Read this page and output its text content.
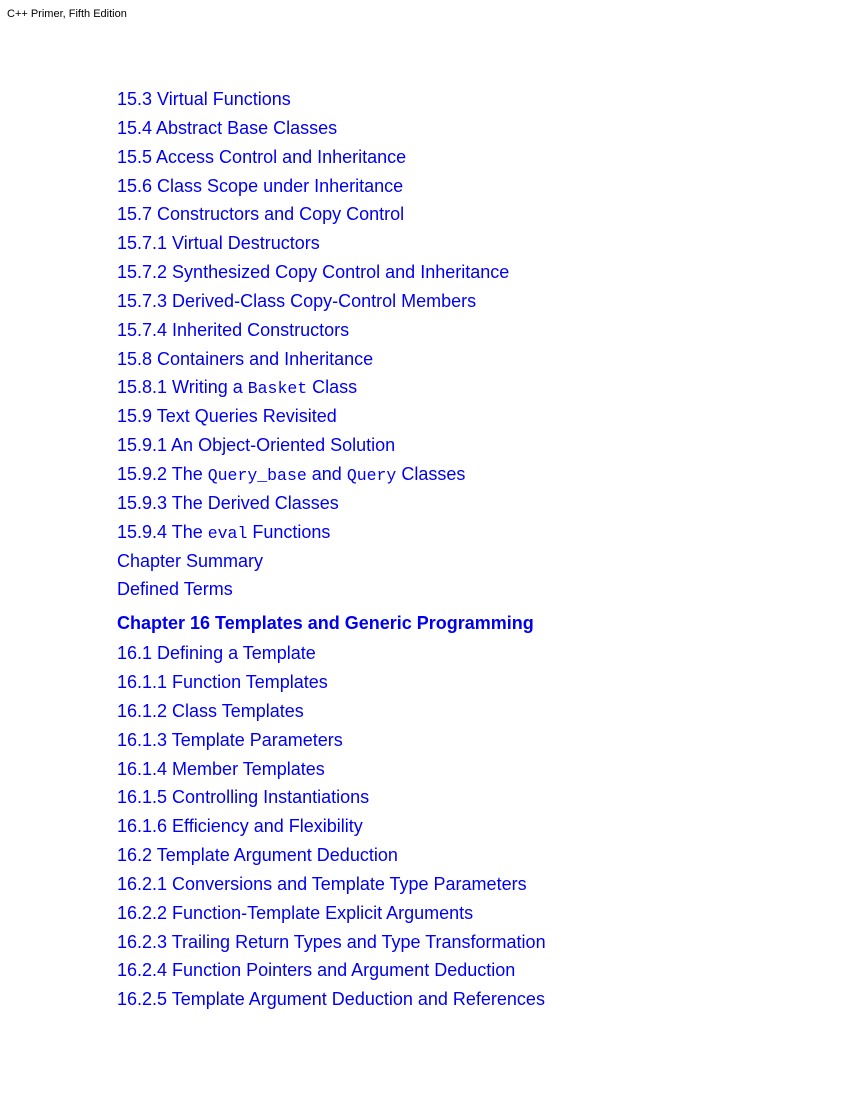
C++ Primer, Fifth Edition
15.3 Virtual Functions
15.4 Abstract Base Classes
15.5 Access Control and Inheritance
15.6 Class Scope under Inheritance
15.7 Constructors and Copy Control
15.7.1 Virtual Destructors
15.7.2 Synthesized Copy Control and Inheritance
15.7.3 Derived-Class Copy-Control Members
15.7.4 Inherited Constructors
15.8 Containers and Inheritance
15.8.1 Writing a Basket Class
15.9 Text Queries Revisited
15.9.1 An Object-Oriented Solution
15.9.2 The Query_base and Query Classes
15.9.3 The Derived Classes
15.9.4 The eval Functions
Chapter Summary
Defined Terms
Chapter 16 Templates and Generic Programming
16.1 Defining a Template
16.1.1 Function Templates
16.1.2 Class Templates
16.1.3 Template Parameters
16.1.4 Member Templates
16.1.5 Controlling Instantiations
16.1.6 Efficiency and Flexibility
16.2 Template Argument Deduction
16.2.1 Conversions and Template Type Parameters
16.2.2 Function-Template Explicit Arguments
16.2.3 Trailing Return Types and Type Transformation
16.2.4 Function Pointers and Argument Deduction
16.2.5 Template Argument Deduction and References
